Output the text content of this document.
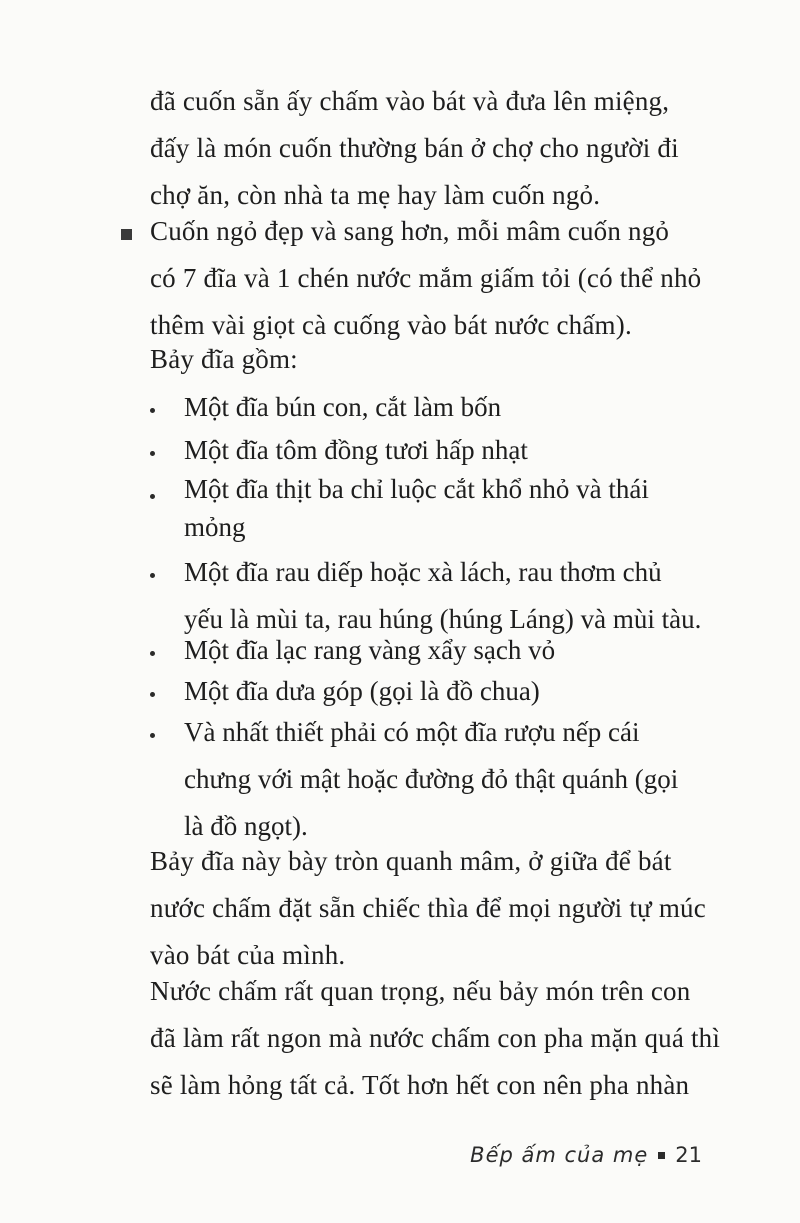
đã cuốn sẵn ấy chấm vào bát và đưa lên miệng,
đấy là món cuốn thường bán ở chợ cho người đi
chợ ăn, còn nhà ta mẹ hay làm cuốn ngỏ.
Cuốn ngỏ đẹp và sang hơn, mỗi mâm cuốn ngỏ
có 7 đĩa và 1 chén nước mắm giấm tỏi (có thể nhỏ
thêm vài giọt cà cuống vào bát nước chấm).
Bảy đĩa gồm:
Một đĩa bún con, cắt làm bốn
Một đĩa tôm đồng tươi hấp nhạt
Một đĩa thịt ba chỉ luộc cắt khổ nhỏ và thái
mỏng
Một đĩa rau diếp hoặc xà lách, rau thơm chủ
yếu là mùi ta, rau húng (húng Láng) và mùi tàu.
Một đĩa lạc rang vàng xẩy sạch vỏ
Một đĩa dưa góp (gọi là đồ chua)
Và nhất thiết phải có một đĩa rượu nếp cái
chưng với mật hoặc đường đỏ thật quánh (gọi
là đồ ngọt).
Bảy đĩa này bày tròn quanh mâm, ở giữa để bát
nước chấm đặt sẵn chiếc thìa để mọi người tự múc
vào bát của mình.
Nước chấm rất quan trọng, nếu bảy món trên con
đã làm rất ngon mà nước chấm con pha mặn quá thì
sẽ làm hỏng tất cả. Tốt hơn hết con nên pha nhàn
Bếp ấm của mẹ 21
